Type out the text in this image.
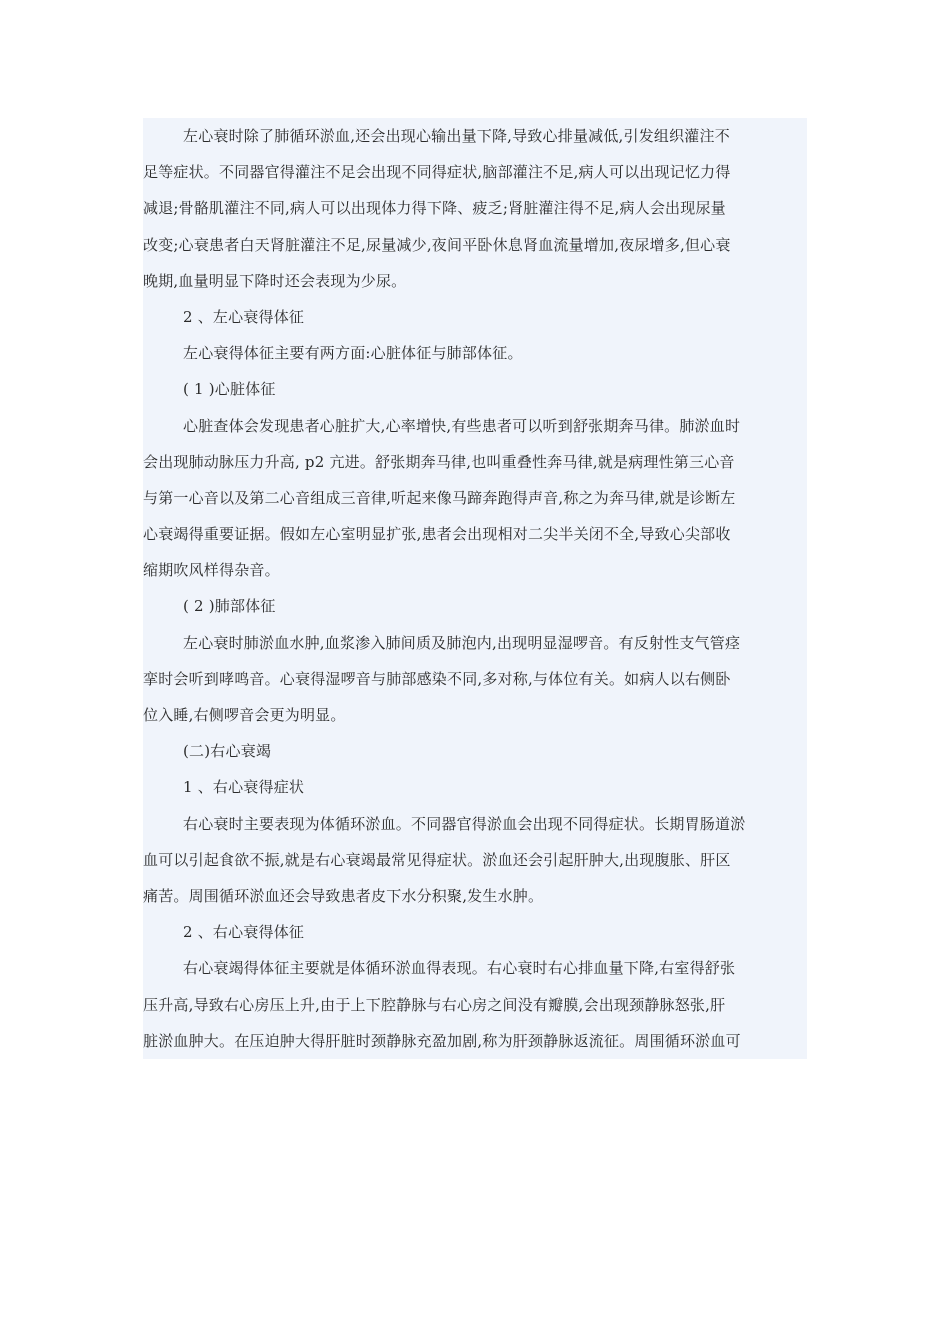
左心衰时除了肺循环淤血,还会出现心输出量下降,导致心排量减低,引发组织灌注不
足等症状。不同器官得灌注不足会出现不同得症状,脑部灌注不足,病人可以出现记忆力得
减退;骨骼肌灌注不同,病人可以出现体力得下降、疲乏;肾脏灌注得不足,病人会出现尿量
改变;心衰患者白天肾脏灌注不足,尿量减少,夜间平卧休息肾血流量增加,夜尿增多,但心衰
晚期,血量明显下降时还会表现为少尿。
2 、左心衰得体征
左心衰得体征主要有两方面:心脏体征与肺部体征。
( 1 )心脏体征
心脏查体会发现患者心脏扩大,心率增快,有些患者可以听到舒张期奔马律。肺淤血时
会出现肺动脉压力升高, p2 亢进。舒张期奔马律,也叫重叠性奔马律,就是病理性第三心音
与第一心音以及第二心音组成三音律,听起来像马蹄奔跑得声音,称之为奔马律,就是诊断左
心衰竭得重要证据。假如左心室明显扩张,患者会出现相对二尖半关闭不全,导致心尖部收
缩期吹风样得杂音。
( 2 )肺部体征
左心衰时肺淤血水肿,血浆渗入肺间质及肺泡内,出现明显湿啰音。有反射性支气管痉
挛时会听到哮鸣音。心衰得湿啰音与肺部感染不同,多对称,与体位有关。如病人以右侧卧
位入睡,右侧啰音会更为明显。
(二)右心衰竭
1 、右心衰得症状
右心衰时主要表现为体循环淤血。不同器官得淤血会出现不同得症状。长期胃肠道淤
血可以引起食欲不振,就是右心衰竭最常见得症状。淤血还会引起肝肿大,出现腹胀、肝区
痛苦。周围循环淤血还会导致患者皮下水分积聚,发生水肿。
2 、右心衰得体征
右心衰竭得体征主要就是体循环淤血得表现。右心衰时右心排血量下降,右室得舒张
压升高,导致右心房压上升,由于上下腔静脉与右心房之间没有瓣膜,会出现颈静脉怒张,肝
脏淤血肿大。在压迫肿大得肝脏时颈静脉充盈加剧,称为肝颈静脉返流征。周围循环淤血可
